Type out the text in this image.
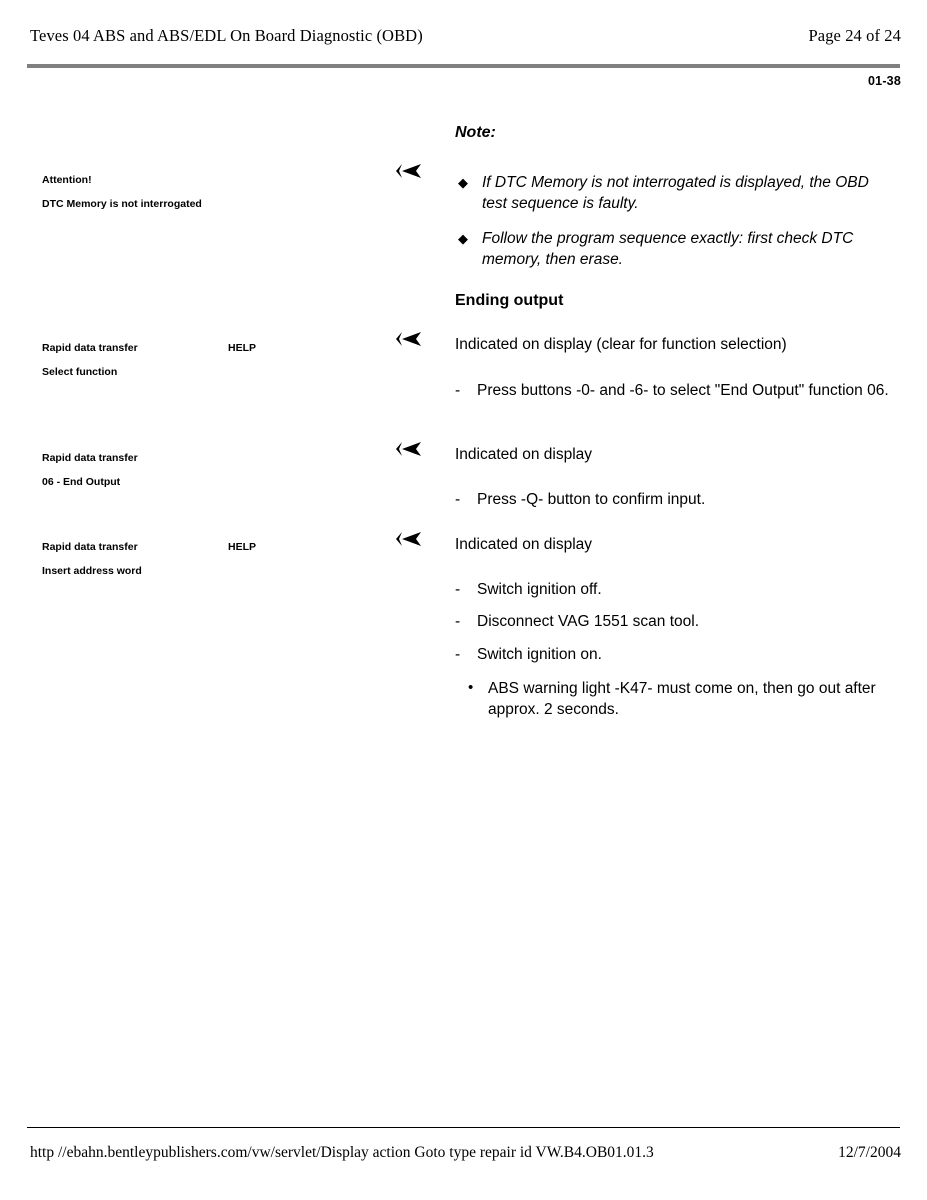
Teves 04 ABS and ABS/EDL On Board Diagnostic (OBD)	Page 24 of 24
01-38
Attention!
DTC Memory is not interrogated
Rapid data transfer	HELP
Select function
Rapid data transfer
06 - End Output
Rapid data transfer	HELP
Insert address word
Note:
◆ If DTC Memory is not interrogated is displayed, the OBD test sequence is faulty.
◆ Follow the program sequence exactly: first check DTC memory, then erase.
Ending output
Indicated on display (clear for function selection)
- Press buttons -0- and -6- to select "End Output" function 06.
Indicated on display
- Press -Q- button to confirm input.
Indicated on display
- Switch ignition off.
- Disconnect VAG 1551 scan tool.
- Switch ignition on.
• ABS warning light -K47- must come on, then go out after approx. 2 seconds.
http //ebahn.bentleypublishers.com/vw/servlet/Display action Goto type repair id VW.B4.OB01.01.3	12/7/2004
